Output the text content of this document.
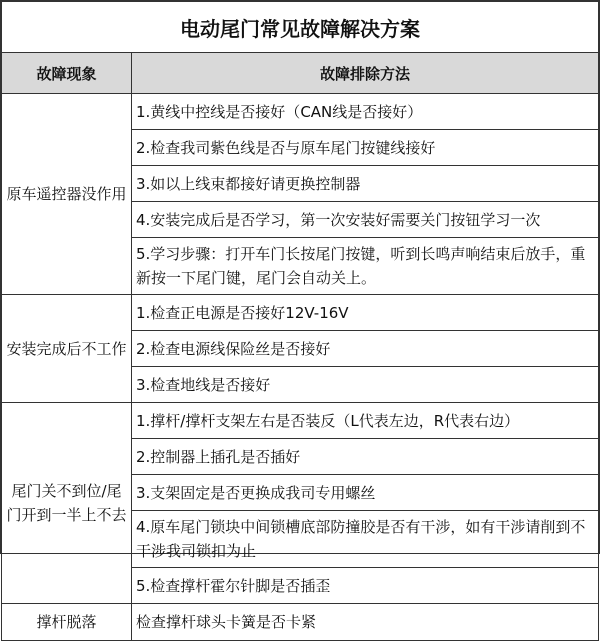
电动尾门常见故障解决方案	
故障现象	故障排除方法
原车遥控器没作用	1.黄线中控线是否接好（CAN线是否接好）
	2.检查我司紫色线是否与原车尾门按键线接好
	3.如以上线束都接好请更换控制器
	4.安装完成后是否学习，第一次安装好需要关门按钮学习一次
	5.学习步骤：打开车门长按尾门按键，听到长鸣声响结束后放手，重新按一下尾门键，尾门会自动关上。
安装完成后不工作	1.检查正电源是否接好12V-16V
	2.检查电源线保险丝是否接好
	3.检查地线是否接好
尾门关不到位/尾门开到一半上不去	1.撑杆/撑杆支架左右是否装反（L代表左边，R代表右边）
	2.控制器上插孔是否插好
	3.支架固定是否更换成我司专用螺丝
	4.原车尾门锁块中间锁槽底部防撞胶是否有干涉，如有干涉请削到不干涉我司锁扣为止
	5.检查撑杆霍尔针脚是否插歪
撑杆脱落	检查撑杆球头卡簧是否卡紧
